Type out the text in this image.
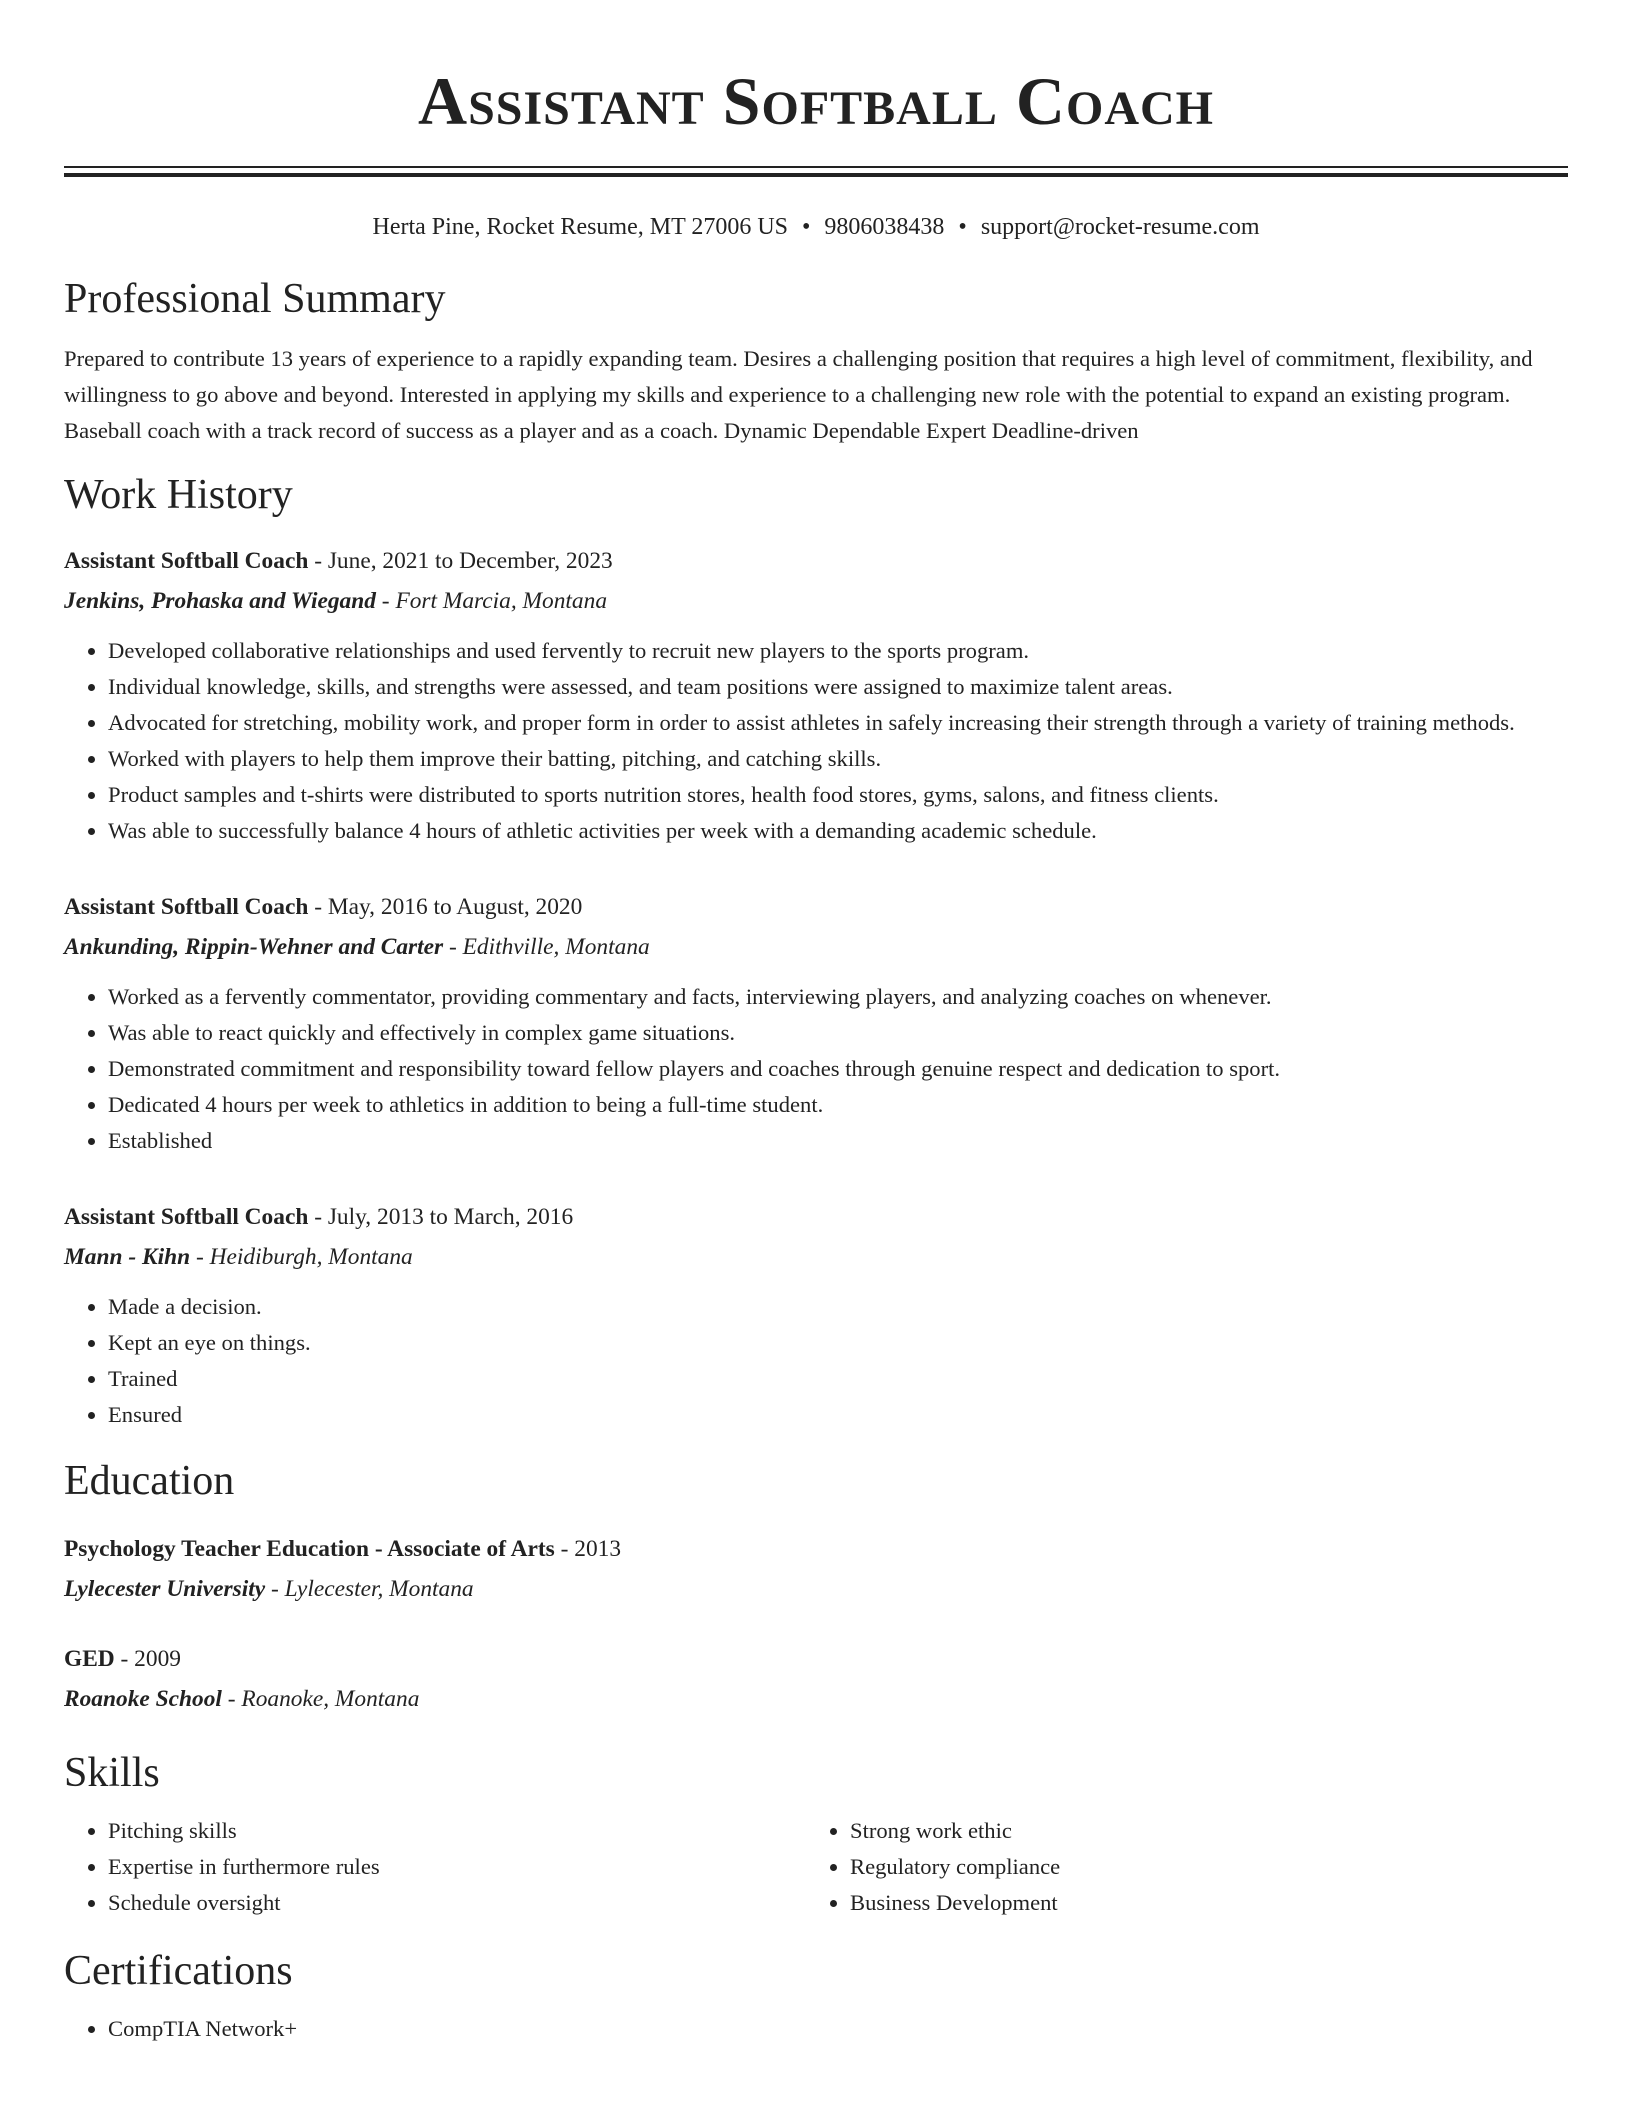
Assistant Softball Coach
Herta Pine, Rocket Resume, MT 27006 US • 9806038438 • support@rocket-resume.com
Professional Summary

Prepared to contribute 13 years of experience to a rapidly expanding team. Desires a challenging position that requires a high level of commitment, flexibility, and willingness to go above and beyond. Interested in applying my skills and experience to a challenging new role with the potential to expand an existing program. Baseball coach with a track record of success as a player and as a coach. Dynamic Dependable Expert Deadline-driven

Work History
Assistant Softball Coach - June, 2021 to December, 2023
Jenkins, Prohaska and Wiegand - Fort Marcia, Montana
• Developed collaborative relationships and used fervently to recruit new players to the sports program.
• Individual knowledge, skills, and strengths were assessed, and team positions were assigned to maximize talent areas.
• Advocated for stretching, mobility work, and proper form in order to assist athletes in safely increasing their strength through a variety of training methods.
• Worked with players to help them improve their batting, pitching, and catching skills.
• Product samples and t-shirts were distributed to sports nutrition stores, health food stores, gyms, salons, and fitness clients.
• Was able to successfully balance 4 hours of athletic activities per week with a demanding academic schedule.
Assistant Softball Coach - May, 2016 to August, 2020
Ankunding, Rippin-Wehner and Carter - Edithville, Montana
• Worked as a fervently commentator, providing commentary and facts, interviewing players, and analyzing coaches on whenever.
• Was able to react quickly and effectively in complex game situations.
• Demonstrated commitment and responsibility toward fellow players and coaches through genuine respect and dedication to sport.
• Dedicated 4 hours per week to athletics in addition to being a full-time student.
• Established
Assistant Softball Coach - July, 2013 to March, 2016
Mann - Kihn - Heidiburgh, Montana
• Made a decision.
• Kept an eye on things.
• Trained
• Ensured
Education
Psychology Teacher Education - Associate of Arts - 2013
Lylecester University - Lylecester, Montana
GED - 2009
Roanoke School - Roanoke, Montana
Skills
• Pitching skills
• Expertise in furthermore rules
• Schedule oversight
• Strong work ethic
• Regulatory compliance
• Business Development
Certifications
• CompTIA Network+
